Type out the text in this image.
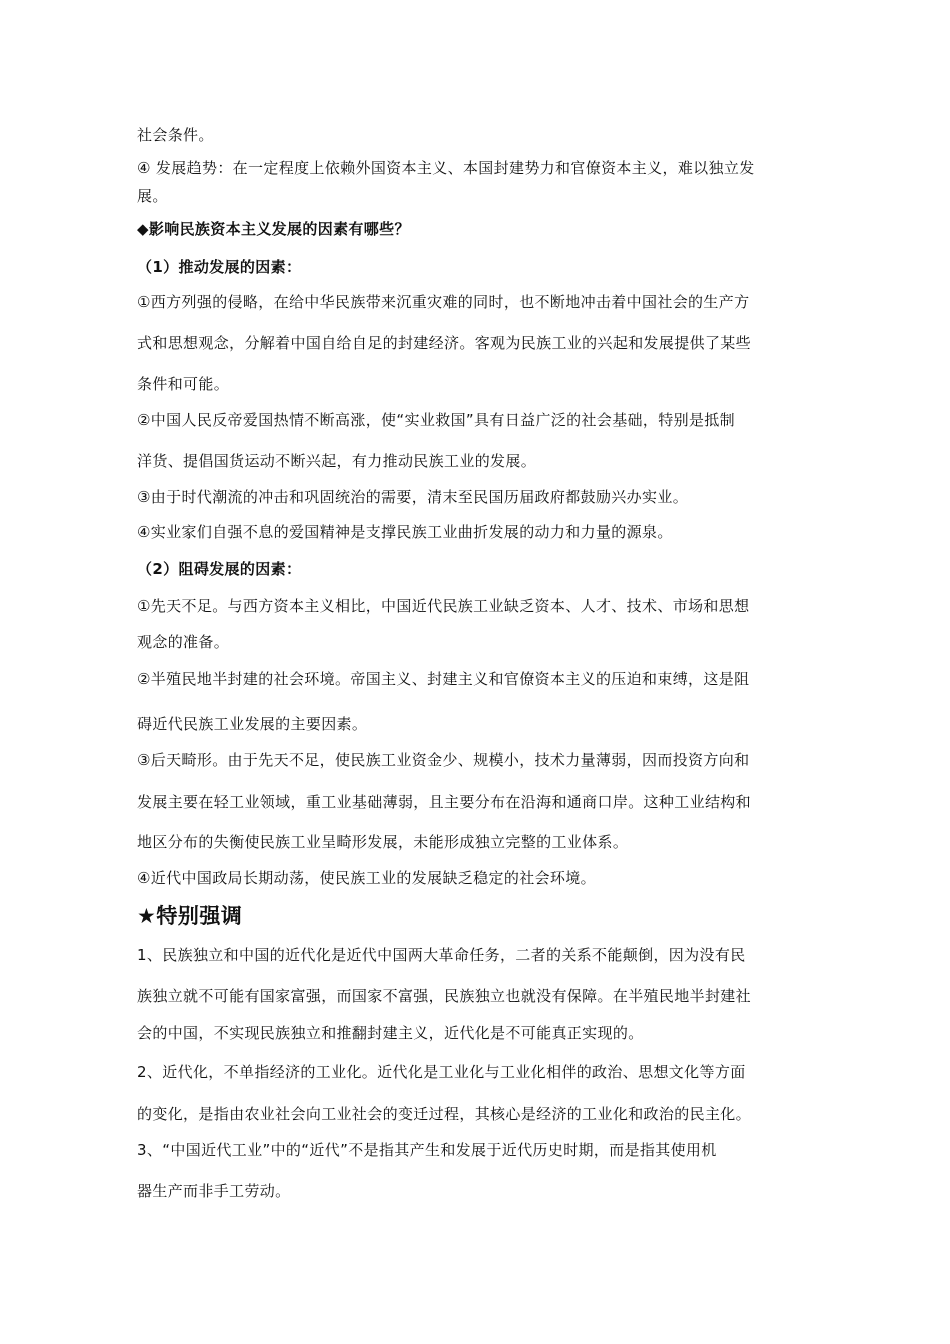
社会条件。
④ 发展趋势：在一定程度上依赖外国资本主义、本国封建势力和官僚资本主义，难以独立发
展。
◆影响民族资本主义发展的因素有哪些？
（1）推动发展的因素：
①西方列强的侵略，在给中华民族带来沉重灾难的同时，也不断地冲击着中国社会的生产方
式和思想观念，分解着中国自给自足的封建经济。客观为民族工业的兴起和发展提供了某些
条件和可能。
②中国人民反帝爱国热情不断高涨，使“实业救国”具有日益广泛的社会基础，特别是抵制
洋货、提倡国货运动不断兴起，有力推动民族工业的发展。
③由于时代潮流的冲击和巩固统治的需要，清末至民国历届政府都鼓励兴办实业。
④实业家们自强不息的爱国精神是支撑民族工业曲折发展的动力和力量的源泉。
（2）阻碍发展的因素：
①先天不足。与西方资本主义相比，中国近代民族工业缺乏资本、人才、技术、市场和思想
观念的准备。
②半殖民地半封建的社会环境。帝国主义、封建主义和官僚资本主义的压迫和束缚，这是阻
碍近代民族工业发展的主要因素。
③后天畸形。由于先天不足，使民族工业资金少、规模小，技术力量薄弱，因而投资方向和
发展主要在轻工业领域，重工业基础薄弱，且主要分布在沿海和通商口岸。这种工业结构和
地区分布的失衡使民族工业呈畸形发展，未能形成独立完整的工业体系。
④近代中国政局长期动荡，使民族工业的发展缺乏稳定的社会环境。
★特别强调
1、民族独立和中国的近代化是近代中国两大革命任务，二者的关系不能颠倒，因为没有民
族独立就不可能有国家富强，而国家不富强，民族独立也就没有保障。在半殖民地半封建社
会的中国，不实现民族独立和推翻封建主义，近代化是不可能真正实现的。
2、近代化，不单指经济的工业化。近代化是工业化与工业化相伴的政治、思想文化等方面
的变化，是指由农业社会向工业社会的变迁过程，其核心是经济的工业化和政治的民主化。
3、“中国近代工业”中的“近代”不是指其产生和发展于近代历史时期，而是指其使用机
器生产而非手工劳动。
